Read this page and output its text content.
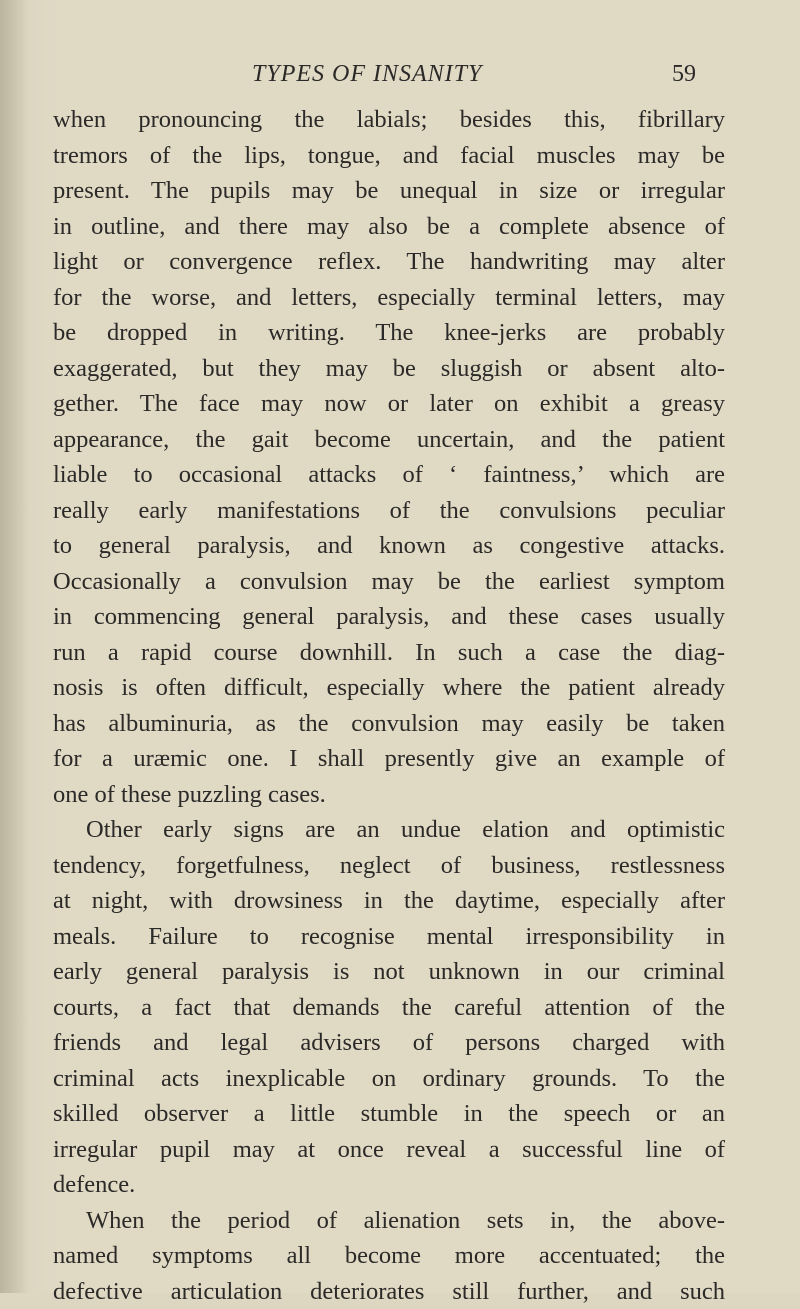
TYPES OF INSANITY	59
when pronouncing the labials; besides this, fibrillary
tremors of the lips, tongue, and facial muscles may be
present. The pupils may be unequal in size or irregular
in outline, and there may also be a complete absence of
light or convergence reflex. The handwriting may alter
for the worse, and letters, especially terminal letters, may
be dropped in writing. The knee-jerks are probably
exaggerated, but they may be sluggish or absent alto-
gether. The face may now or later on exhibit a greasy
appearance, the gait become uncertain, and the patient
liable to occasional attacks of ‘ faintness,’ which are
really early manifestations of the convulsions peculiar
to general paralysis, and known as congestive attacks.
Occasionally a convulsion may be the earliest symptom
in commencing general paralysis, and these cases usually
run a rapid course downhill. In such a case the diag-
nosis is often difficult, especially where the patient already
has albuminuria, as the convulsion may easily be taken
for a uræmic one. I shall presently give an example of
one of these puzzling cases.
Other early signs are an undue elation and optimistic
tendency, forgetfulness, neglect of business, restlessness
at night, with drowsiness in the daytime, especially after
meals. Failure to recognise mental irresponsibility in
early general paralysis is not unknown in our criminal
courts, a fact that demands the careful attention of the
friends and legal advisers of persons charged with
criminal acts inexplicable on ordinary grounds. To the
skilled observer a little stumble in the speech or an
irregular pupil may at once reveal a successful line of
defence.
When the period of alienation sets in, the above-
named symptoms all become more accentuated; the
defective articulation deteriorates still further, and such
